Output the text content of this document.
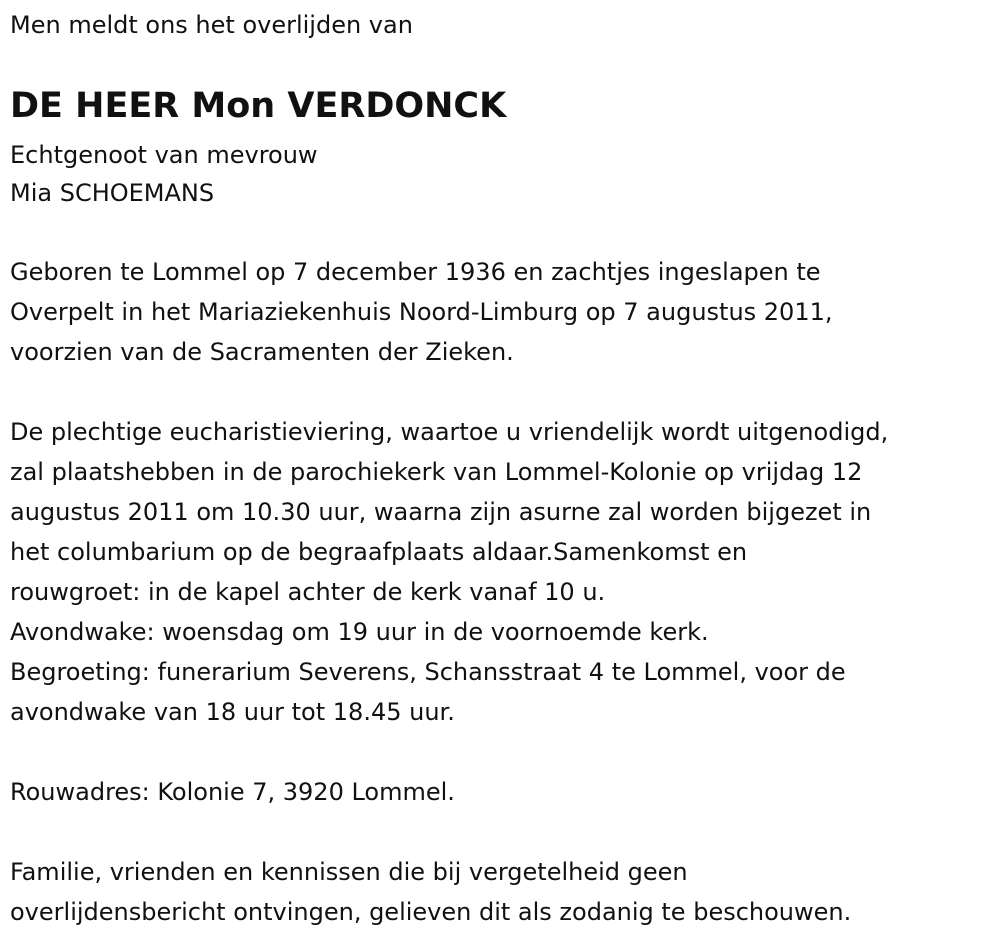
Men meldt ons het overlijden van
DE HEER Mon VERDONCK
Echtgenoot van mevrouw
Mia SCHOEMANS
Geboren te Lommel op 7 december 1936 en zachtjes ingeslapen te
Overpelt in het Mariaziekenhuis Noord-Limburg op 7 augustus 2011,
voorzien van de Sacramenten der Zieken.
De plechtige eucharistieviering, waartoe u vriendelijk wordt uitgenodigd,
zal plaatshebben in de parochiekerk van Lommel-Kolonie op vrijdag 12
augustus 2011 om 10.30 uur, waarna zijn asurne zal worden bijgezet in
het columbarium op de begraafplaats aldaar.Samenkomst en
rouwgroet: in de kapel achter de kerk vanaf 10 u.
Avondwake: woensdag om 19 uur in de voornoemde kerk.
Begroeting: funerarium Severens, Schansstraat 4 te Lommel, voor de
avondwake van 18 uur tot 18.45 uur.
Rouwadres: Kolonie 7, 3920 Lommel.
Familie, vrienden en kennissen die bij vergetelheid geen
overlijdensbericht ontvingen, gelieven dit als zodanig te beschouwen.
